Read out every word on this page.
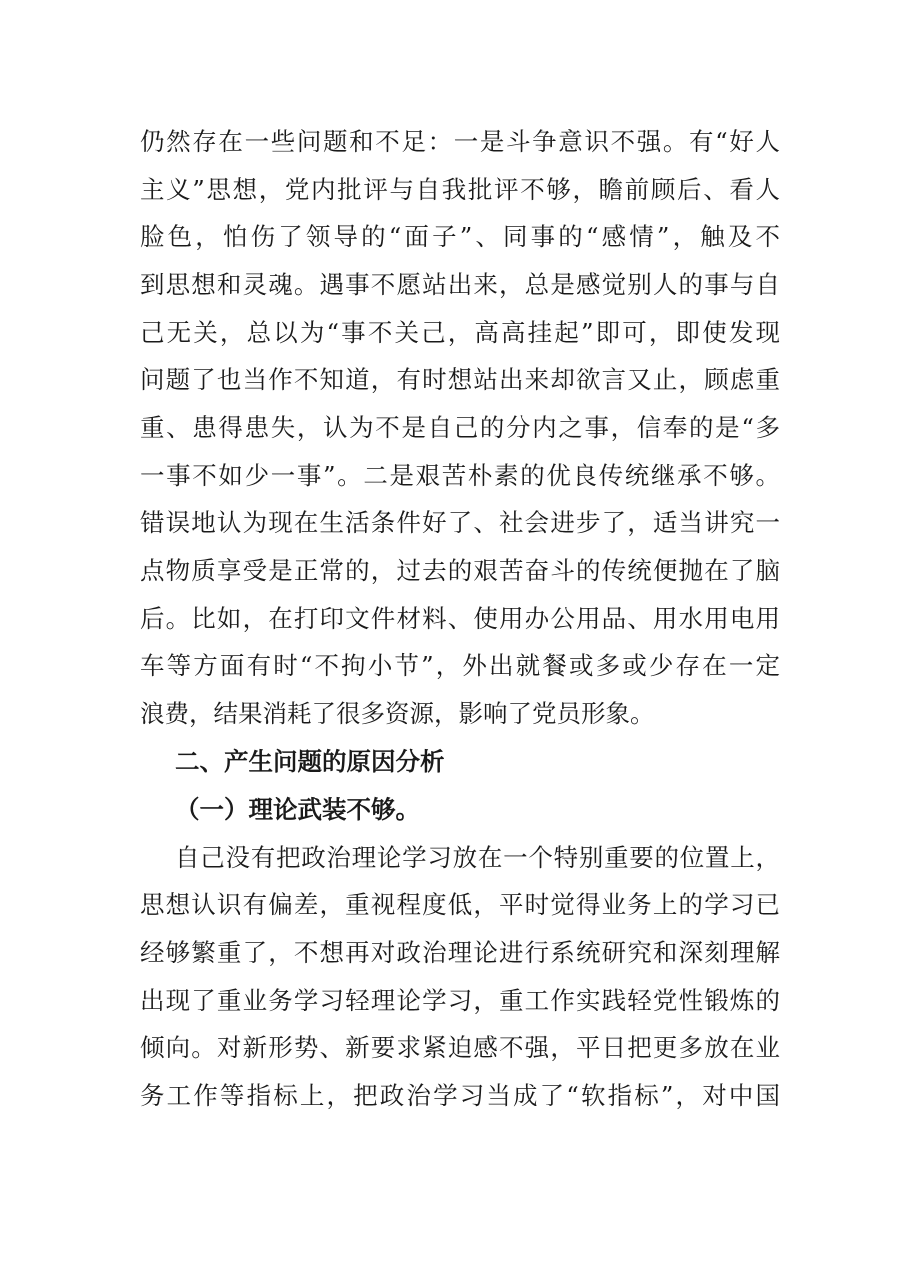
仍然存在一些问题和不足：一是斗争意识不强。有“好人
主义”思想，党内批评与自我批评不够，瞻前顾后、看人
脸色，怕伤了领导的“面子”、同事的“感情”，触及不
到思想和灵魂。遇事不愿站出来，总是感觉别人的事与自
己无关，总以为“事不关己，高高挂起”即可，即使发现
问题了也当作不知道，有时想站出来却欲言又止，顾虑重
重、患得患失，认为不是自己的分内之事，信奉的是“多
一事不如少一事”。二是艰苦朴素的优良传统继承不够。
错误地认为现在生活条件好了、社会进步了，适当讲究一
点物质享受是正常的，过去的艰苦奋斗的传统便抛在了脑
后。比如，在打印文件材料、使用办公用品、用水用电用
车等方面有时“不拘小节”，外出就餐或多或少存在一定
浪费，结果消耗了很多资源，影响了党员形象。
二、产生问题的原因分析
（一）理论武装不够。
自己没有把政治理论学习放在一个特别重要的位置上，
思想认识有偏差，重视程度低，平时觉得业务上的学习已
经够繁重了，不想再对政治理论进行系统研究和深刻理解
出现了重业务学习轻理论学习，重工作实践轻党性锻炼的
倾向。对新形势、新要求紧迫感不强，平日把更多放在业
务工作等指标上，把政治学习当成了“软指标”，对中国
